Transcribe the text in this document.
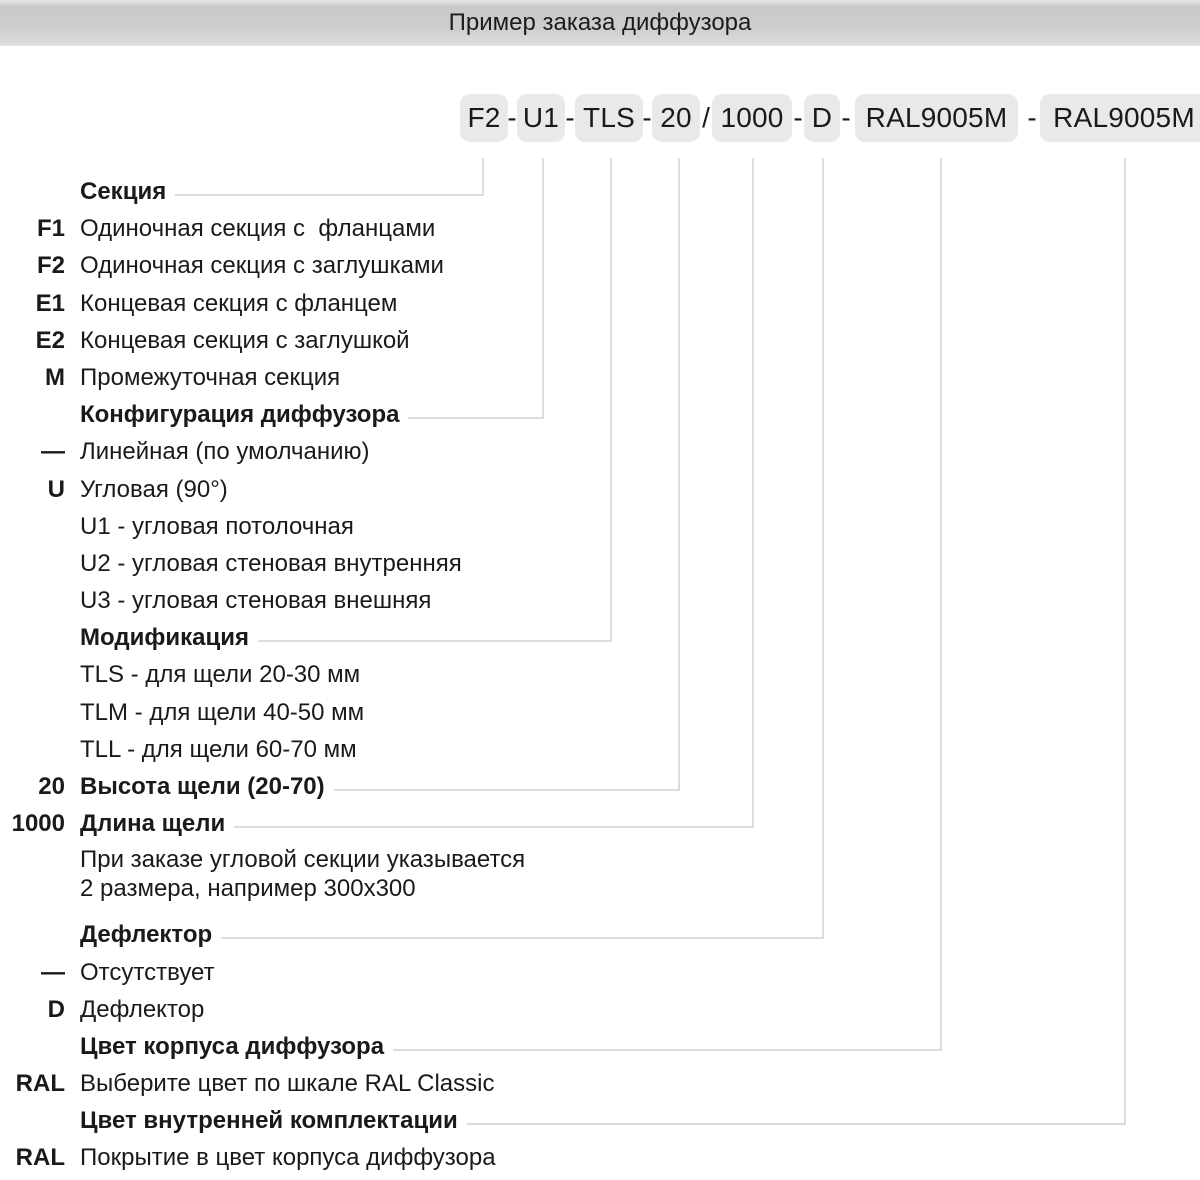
Пример заказа диффузора
F2 U1 TLS 20	1000	D	RAL9005M	RAL9005M
- - - /	- -	-
Секция
F1 Одиночная секция с  фланцами
F2 Одиночная секция с заглушками
E1 Концевая секция с фланцем
E2 Концевая секция с заглушкой
M Промежуточная секция
Конфигурация диффузора
— Линейная (по умолчанию)
U Угловая (90°)
U1 - угловая потолочная
U2 - угловая стеновая внутренняя
U3 - угловая стеновая внешняя
Модификация
TLS - для щели 20-30 мм
TLM - для щели 40-50 мм
TLL - для щели 60-70 мм
20 Высота щели (20-70)
1000 Длина щели
При заказе угловой секции указывается
2 размера, например 300x300
Дефлектор
— Отсутствует
D Дефлектор
Цвет корпуса диффузора
RAL Выберите цвет по шкале RAL Classic
Цвет внутренней комплектации
RAL Покрытие в цвет корпуса диффузора
